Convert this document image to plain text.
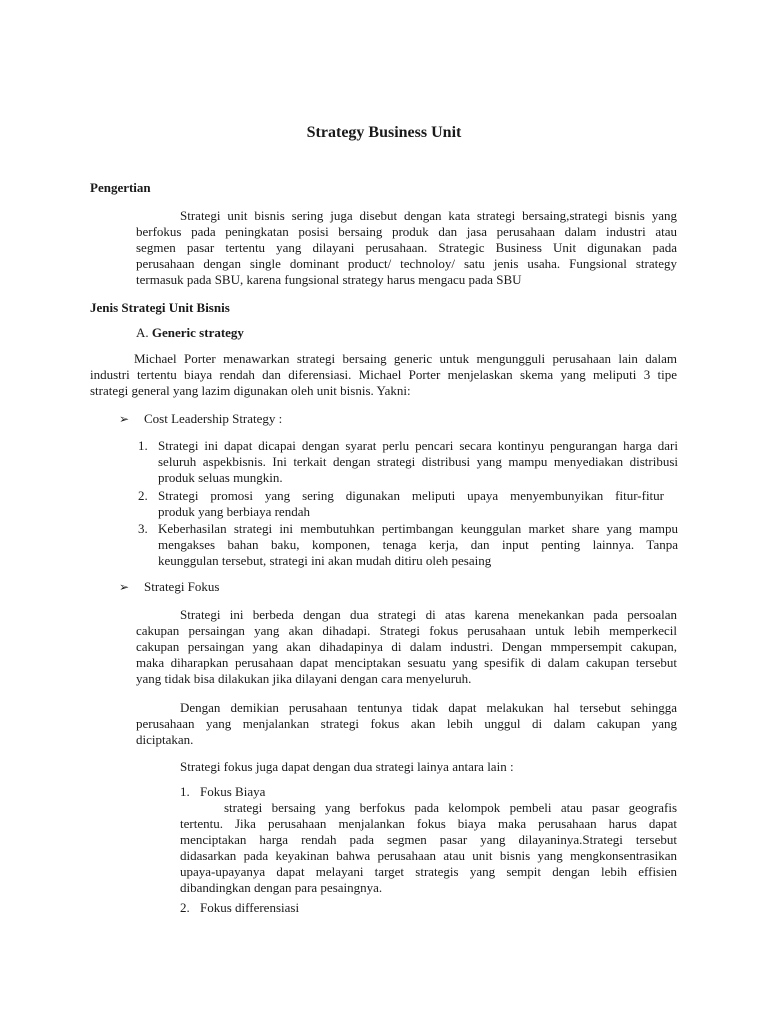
Strategy Business Unit
Pengertian
Strategi unit bisnis sering juga disebut dengan kata strategi bersaing,strategi bisnis yang
berfokus pada peningkatan posisi bersaing produk dan jasa perusahaan dalam industri atau
segmen pasar tertentu yang dilayani perusahaan. Strategic Business Unit digunakan pada
perusahaan dengan single dominant product/ technoloy/ satu jenis usaha. Fungsional strategy
termasuk pada SBU, karena fungsional strategy harus mengacu pada SBU
Jenis Strategi Unit Bisnis
A. Generic strategy
Michael Porter menawarkan strategi bersaing generic untuk mengungguli perusahaan lain dalam
industri tertentu biaya rendah dan diferensiasi. Michael Porter menjelaskan skema yang meliputi 3 tipe
strategi general yang lazim digunakan oleh unit bisnis. Yakni:
➢ Cost Leadership Strategy :
1. Strategi ini dapat dicapai dengan syarat perlu pencari secara kontinyu pengurangan harga dari
seluruh aspekbisnis. Ini terkait dengan strategi distribusi yang mampu menyediakan distribusi
produk seluas mungkin.
2. Strategi promosi yang sering digunakan meliputi upaya menyembunyikan fitur-fitur
produk yang berbiaya rendah
3. Keberhasilan strategi ini membutuhkan pertimbangan keunggulan market share yang mampu
mengakses bahan baku, komponen, tenaga kerja, dan input penting lainnya. Tanpa
keunggulan tersebut, strategi ini akan mudah ditiru oleh pesaing
➢ Strategi Fokus
Strategi ini berbeda dengan dua strategi di atas karena menekankan pada persoalan
cakupan persaingan yang akan dihadapi. Strategi fokus perusahaan untuk lebih memperkecil
cakupan persaingan yang akan dihadapinya di dalam industri. Dengan mmpersempit cakupan,
maka diharapkan perusahaan dapat menciptakan sesuatu yang spesifik di dalam cakupan tersebut
yang tidak bisa dilakukan jika dilayani dengan cara menyeluruh.
Dengan demikian perusahaan tentunya tidak dapat melakukan hal tersebut sehingga
perusahaan yang menjalankan strategi fokus akan lebih unggul di dalam cakupan yang
diciptakan.
Strategi fokus juga dapat dengan dua strategi lainya antara lain :
1. Fokus Biaya
strategi bersaing yang berfokus pada kelompok pembeli atau pasar geografis
tertentu. Jika perusahaan menjalankan fokus biaya maka perusahaan harus dapat
menciptakan harga rendah pada segmen pasar yang dilayaninya.Strategi tersebut
didasarkan pada keyakinan bahwa perusahaan atau unit bisnis yang mengkonsentrasikan
upaya-upayanya dapat melayani target strategis yang sempit dengan lebih effisien
dibandingkan dengan para pesaingnya.
2. Fokus differensiasi
